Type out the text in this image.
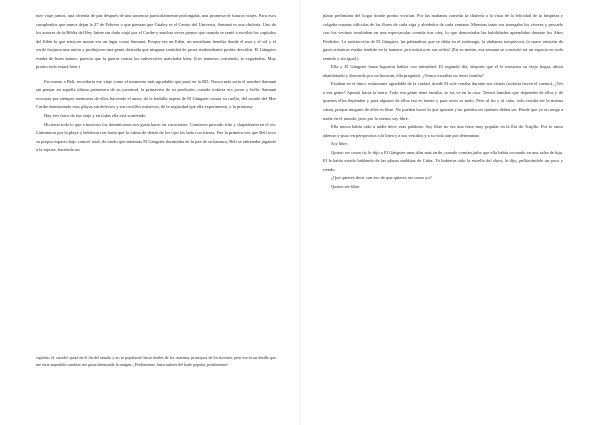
mer viaje juntos, una ofrenda de paz después de una ausencia particularmente prolongada, una promesa de futuros viajes. Para esos cumpleaños que nunca dejan la 27 de Febrero o que piensan que Güaley es el Centro del Universo, Samaná es una chulería. Uno de los autores de la Biblia del Rey Jaime sin duda viajó por el Caribe y muchas veces pienso que cuando se sentó a escribir los capítulos del Edén lo que tenía en mente era un lugar como Samaná. Porque era un Edén, un meridiano bendito donde el mar y el sol y el verde forjaron una unión y produjeron una gente distraída que ninguna cantidad de prosa rimbombante podría describir. El Gángster estaba de buen ánimo: parecía que la guerra contra los subversivos marchaba bien. (Los tenemos corriendo, se regodeaba. Muy pronto todo estará bien.)

En cuanto a Beli, recordaría ese viaje como el momento más agradable que pasó en la RD. Nunca más sería el nombre Samaná sin pensar en aquella última primavera de su juventud, la primavera de su perdición, cuando todavía era joven y bella. Samaná evocaría por siempre memorias de ellos haciendo el amor, de la barbilla áspera de El Gángster contra su cuello, del sonido del Mar Caribe enamorando esas playas sin defectos y sin corrillos turísticos, de la seguridad que ella experimentó, y la promesa.

Hay tres fotos de ese viaje y en todas ella está sonriendo.

Hicieron todo lo que a nosotros los dominicanos nos gusta hacer en vacaciones. Comieron pescado frito y chapalearon en el río. Caminaron por la playa y bebieron ron hasta que la calma de detrás de los ojos les latía con fuerza. Fue la primera vez que Beli tuvo su propio espacio bajo control total, de modo que mientras El Gángster dormitaba en la paz de su hamaca, Beli se entrenaba jugando a la esposa, haciendo un

capítulo, el, sucedió quizá en el fin del mundo y no se popularizó hasta finales de los cuarenta, principios de los noventa, pero ese es un detalle que me sería imposible cambiar; me gusta demasiado la imagen. ¡Perdónenme, historiadores del baile popular, perdónenme!

plano preliminar del hogar donde pronto vivirían. Por las mañanas cometía la chulería a la vista de la felicidad de la limpieza y colgaba cuantas ridículas de las flores de cada viga y alrededor de cada ventana. Mientras tanto sus trasegaba los víveres y pescado con los vecinos resultaban en una espectacular comida tras otra, lo que demostraba las habilidades aprendidas durante los Años Perdidos. La satisfacción de El Gángster, las palmaditas que se daba en el estómago, la alabanza inequívoca, la suave emisión de gases mientras estaba tendido en la hamaca ¡era música en sus oídos! (En su mente, esa semana se convirtió en un espacio en todo sentido y sin igual.)

Ella y El Gángster hasta lograron hablar con intimidad. El segundo día, después que él le mostrara su viejo hogar, ahora abandonado y destruido por un huracán, ella preguntó: ¿Nunca extrañas no tener familia?

Estaban en el único restaurante agradable de la ciudad, donde El sole cenaba durante sus visitas (todavía hacen el cuento). ¿Ves a esa gente? Apuntó hacia la barra. Todo esa gente tiene familia, se los ve en la cara. Tienen familias que dependen de ellos y de quienes ellos dependen y para algunos de ellos eso es bueno y para otros es malo. Pero al fin y al cabo, todo resulta ser la misma vaina, porque ninguno de ellos es libre. No pueden hacer lo que quieren y no pueden ser quienes deben ser. Puede que yo no tenga a nadie en el mundo, pero por lo menos soy libre.

Ella nunca había oído a nadie decir esas palabras. Soy libre no era una frase muy popular en la Era de Trujillo. Por lo tanto adentro y puso en perspectiva a la linea y a sus vestidos y a su vida aún por determinar.

Soy libre.

Quiero ser como tú, le dijo a El Gángster unas días más tarde, cuando comían jaiba que ella había cocinado en una salsa de bija. El le había estado hablando de las playas malditas de Cuba. Tú hubieras sido la estrella del show, le dijo, pellizcándole un poco y riendo.

¿Qué quieres decir con eso de que quieres ser como yo?

Quiero ser libre.
